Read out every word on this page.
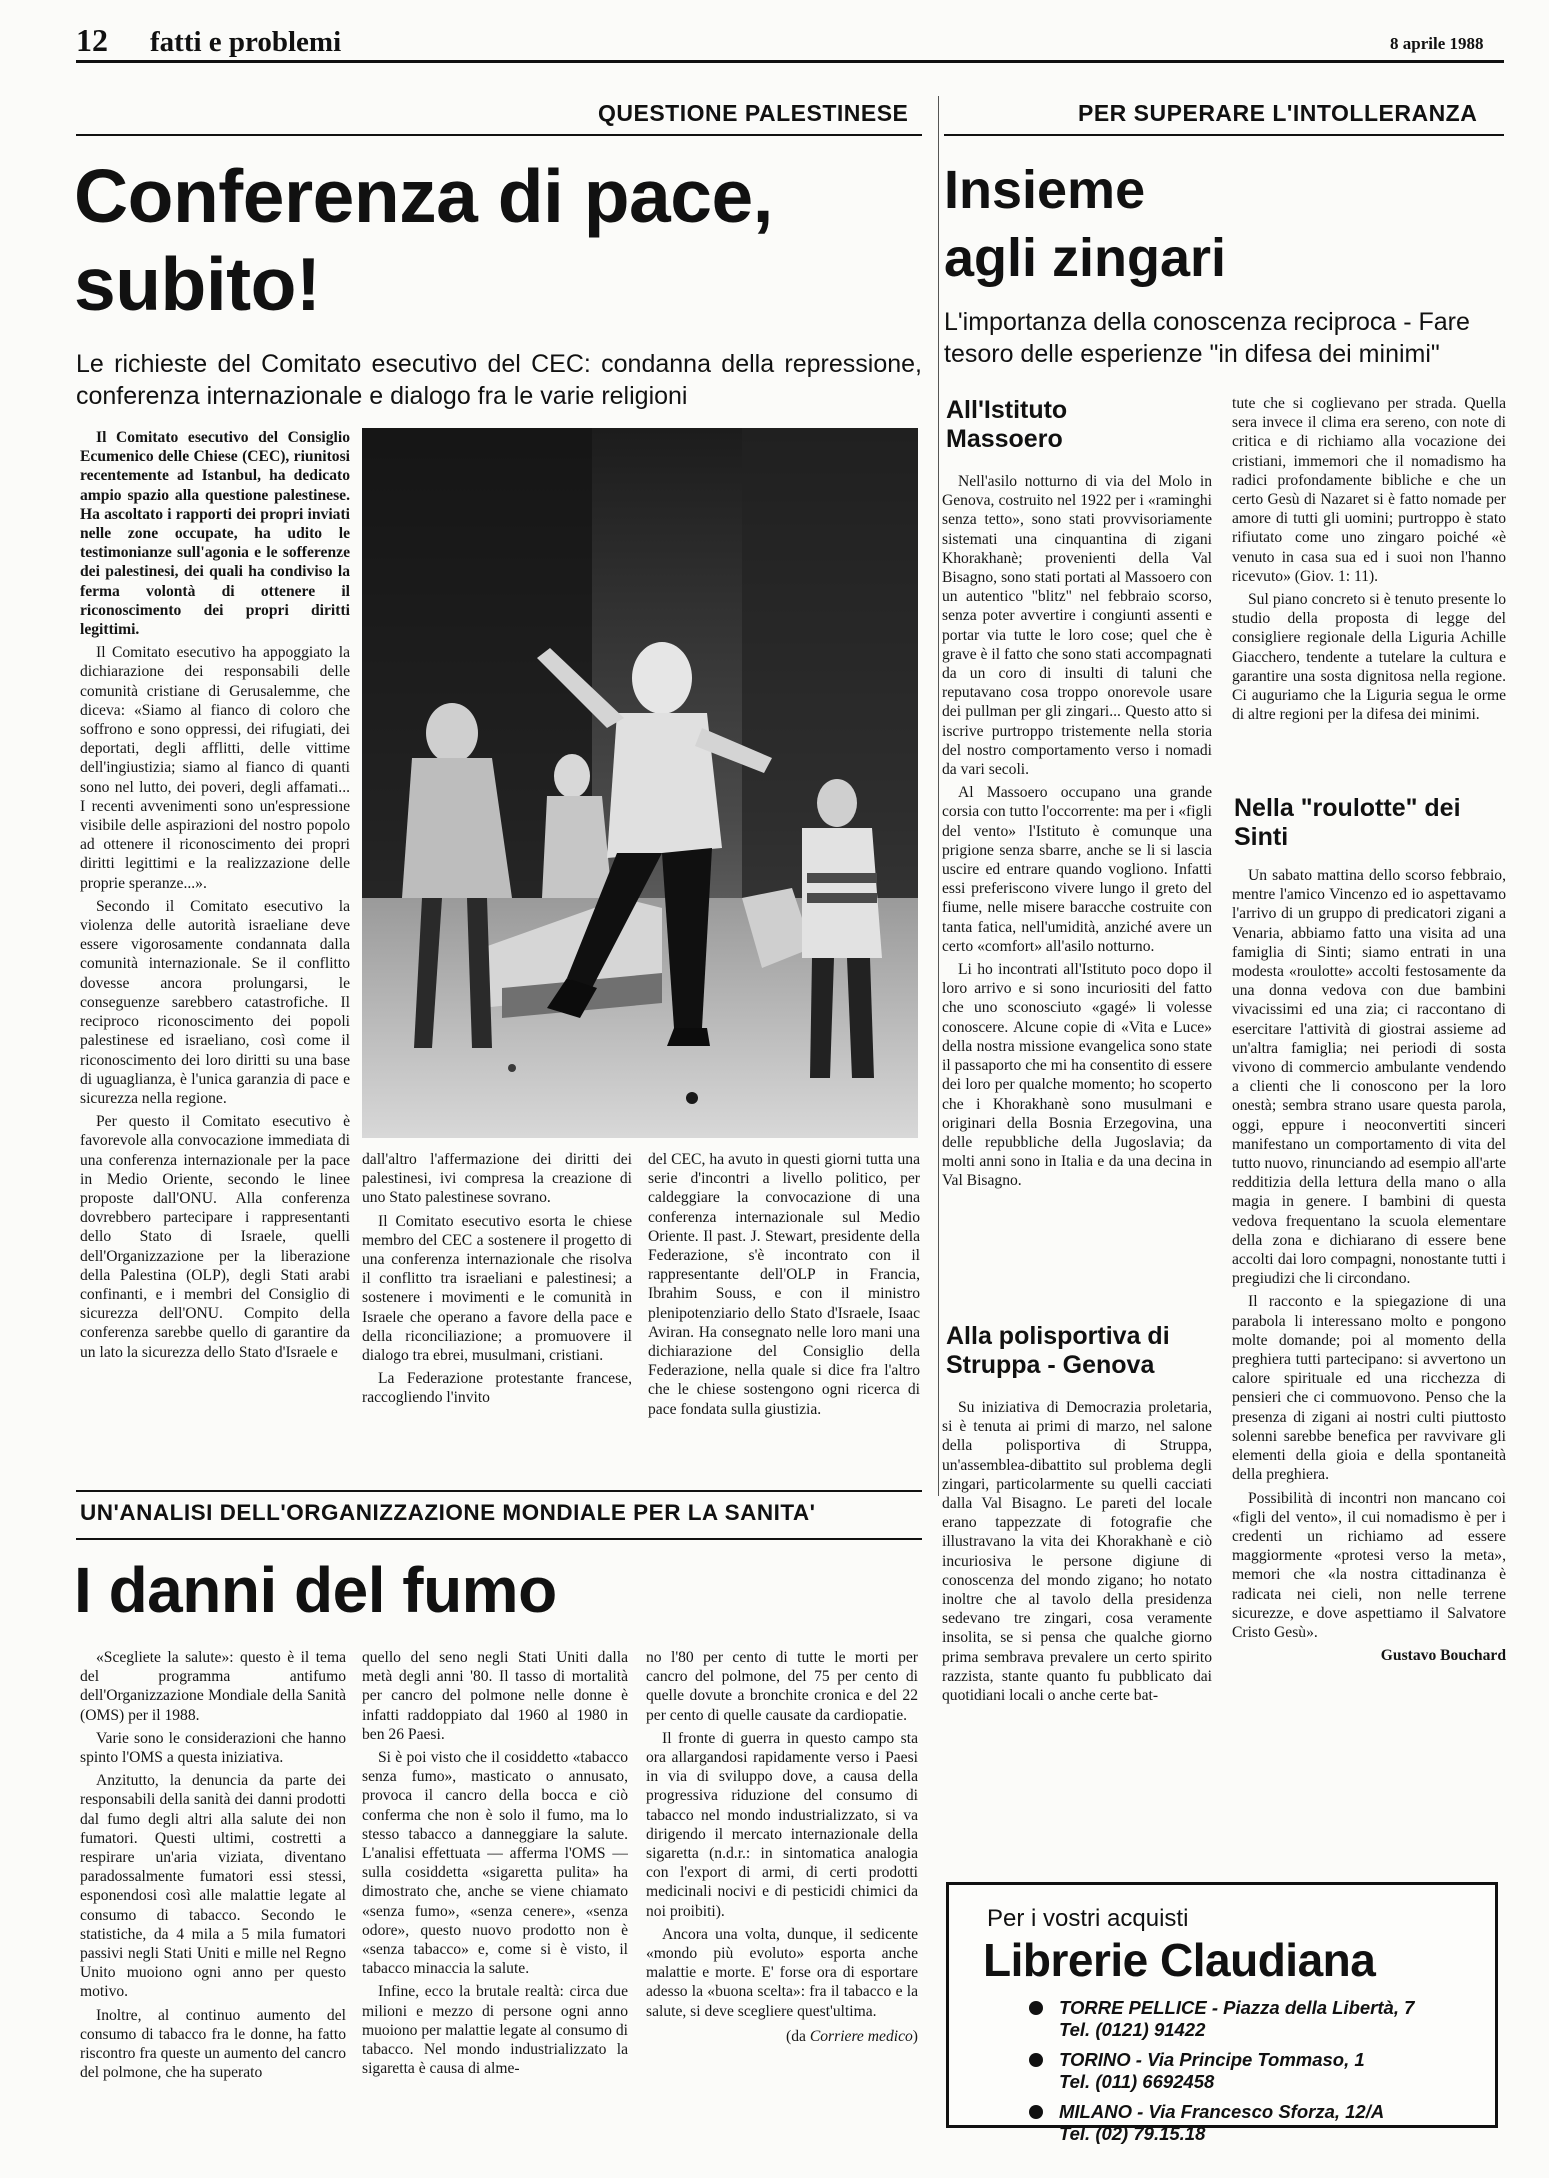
12 fatti e problemi	8 aprile 1988
QUESTIONE PALESTINESE
Conferenza di pace,
subito!
Le richieste del Comitato esecutivo del CEC: condanna della repressione, conferenza internazionale e dialogo fra le varie religioni

Il Comitato esecutivo del Consiglio Ecumenico delle Chiese (CEC), riunitosi recentemente ad Istanbul, ha dedicato ampio spazio alla questione palestinese. Ha ascoltato i rapporti dei propri inviati nelle zone occupate, ha udito le testimonianze sull'agonia e le sofferenze dei palestinesi, dei quali ha condiviso la ferma volontà di ottenere il riconoscimento dei propri diritti legittimi.

Il Comitato esecutivo ha appoggiato la dichiarazione dei responsabili delle comunità cristiane di Gerusalemme, che diceva: «Siamo al fianco di coloro che soffrono e sono oppressi, dei rifugiati, dei deportati, degli afflitti, delle vittime dell'ingiustizia; siamo al fianco di quanti sono nel lutto, dei poveri, degli affamati... I recenti avvenimenti sono un'espressione visibile delle aspirazioni del nostro popolo ad ottenere il riconoscimento dei propri diritti legittimi e la realizzazione delle proprie speranze...».

Secondo il Comitato esecutivo la violenza delle autorità israeliane deve essere vigorosamente condannata dalla comunità internazionale. Se il conflitto dovesse ancora prolungarsi, le conseguenze sarebbero catastrofiche. Il reciproco riconoscimento dei popoli palestinese ed israeliano, così come il riconoscimento dei loro diritti su una base di uguaglianza, è l'unica garanzia di pace e sicurezza nella regione.

Per questo il Comitato esecutivo è favorevole alla convocazione immediata di una conferenza internazionale per la pace in Medio Oriente, secondo le linee proposte dall'ONU. Alla conferenza dovrebbero partecipare i rappresentanti dello Stato di Israele, quelli dell'Organizzazione per la liberazione della Palestina (OLP), degli Stati arabi confinanti, e i membri del Consiglio di sicurezza dell'ONU. Compito della conferenza sarebbe quello di garantire da un lato la sicurezza dello Stato d'Israele e

dall'altro l'affermazione dei diritti dei palestinesi, ivi compresa la creazione di uno Stato palestinese sovrano.

Il Comitato esecutivo esorta le chiese membro del CEC a sostenere il progetto di una conferenza internazionale che risolva il conflitto tra israeliani e palestinesi; a sostenere i movimenti e le comunità in Israele che operano a favore della pace e della riconciliazione; a promuovere il dialogo tra ebrei, musulmani, cristiani.

La Federazione protestante francese, raccogliendo l'invito

del CEC, ha avuto in questi giorni tutta una serie d'incontri a livello politico, per caldeggiare la convocazione di una conferenza internazionale sul Medio Oriente. Il past. J. Stewart, presidente della Federazione, s'è incontrato con il rappresentante dell'OLP in Francia, Ibrahim Souss, e con il ministro plenipotenziario dello Stato d'Israele, Isaac Aviran. Ha consegnato nelle loro mani una dichiarazione del Consiglio della Federazione, nella quale si dice fra l'altro che le chiese sostengono ogni ricerca di pace fondata sulla giustizia.

UN'ANALISI DELL'ORGANIZZAZIONE MONDIALE PER LA SANITA'
I danni del fumo

«Scegliete la salute»: questo è il tema del programma antifumo dell'Organizzazione Mondiale della Sanità (OMS) per il 1988.

Varie sono le considerazioni che hanno spinto l'OMS a questa iniziativa.

Anzitutto, la denuncia da parte dei responsabili della sanità dei danni prodotti dal fumo degli altri alla salute dei non fumatori. Questi ultimi, costretti a respirare un'aria viziata, diventano paradossalmente fumatori essi stessi, esponendosi così alle malattie legate al consumo di tabacco. Secondo le statistiche, da 4 mila a 5 mila fumatori passivi negli Stati Uniti e mille nel Regno Unito muoiono ogni anno per questo motivo.

Inoltre, al continuo aumento del consumo di tabacco fra le donne, ha fatto riscontro fra queste un aumento del cancro del polmone, che ha superato

quello del seno negli Stati Uniti dalla metà degli anni '80. Il tasso di mortalità per cancro del polmone nelle donne è infatti raddoppiato dal 1960 al 1980 in ben 26 Paesi.

Si è poi visto che il cosiddetto «tabacco senza fumo», masticato o annusato, provoca il cancro della bocca e ciò conferma che non è solo il fumo, ma lo stesso tabacco a danneggiare la salute. L'analisi effettuata — afferma l'OMS — sulla cosiddetta «sigaretta pulita» ha dimostrato che, anche se viene chiamato «senza fumo», «senza cenere», «senza odore», questo nuovo prodotto non è «senza tabacco» e, come si è visto, il tabacco minaccia la salute.

Infine, ecco la brutale realtà: circa due milioni e mezzo di persone ogni anno muoiono per malattie legate al consumo di tabacco. Nel mondo industrializzato la sigaretta è causa di alme-

no l'80 per cento di tutte le morti per cancro del polmone, del 75 per cento di quelle dovute a bronchite cronica e del 22 per cento di quelle causate da cardiopatie.

Il fronte di guerra in questo campo sta ora allargandosi rapidamente verso i Paesi in via di sviluppo dove, a causa della progressiva riduzione del consumo di tabacco nel mondo industrializzato, si va dirigendo il mercato internazionale della sigaretta (n.d.r.: in sintomatica analogia con l'export di armi, di certi prodotti medicinali nocivi e di pesticidi chimici da noi proibiti).

Ancora una volta, dunque, il sedicente «mondo più evoluto» esporta anche malattie e morte. E' forse ora di esportare adesso la «buona scelta»: fra il tabacco e la salute, si deve scegliere quest'ultima.

(da Corriere medico)

PER SUPERARE L'INTOLLERANZA
Insieme
agli zingari
L'importanza della conoscenza reciproca - Fare tesoro delle esperienze "in difesa dei minimi"
All'Istituto Massoero

Nell'asilo notturno di via del Molo in Genova, costruito nel 1922 per i «raminghi senza tetto», sono stati provvisoriamente sistemati una cinquantina di zigani Khorakhanè; provenienti della Val Bisagno, sono stati portati al Massoero con un autentico "blitz" nel febbraio scorso, senza poter avvertire i congiunti assenti e portar via tutte le loro cose; quel che è grave è il fatto che sono stati accompagnati da un coro di insulti di taluni che reputavano cosa troppo onorevole usare dei pullman per gli zingari... Questo atto si iscrive purtroppo tristemente nella storia del nostro comportamento verso i nomadi da vari secoli.

Al Massoero occupano una grande corsia con tutto l'occorrente: ma per i «figli del vento» l'Istituto è comunque una prigione senza sbarre, anche se li si lascia uscire ed entrare quando vogliono. Infatti essi preferiscono vivere lungo il greto del fiume, nelle misere baracche costruite con tanta fatica, nell'umidità, anziché avere un certo «comfort» all'asilo notturno.

Li ho incontrati all'Istituto poco dopo il loro arrivo e si sono incuriositi del fatto che uno sconosciuto «gagé» li volesse conoscere. Alcune copie di «Vita e Luce» della nostra missione evangelica sono state il passaporto che mi ha consentito di essere dei loro per qualche momento; ho scoperto che i Khorakhanè sono musulmani e originari della Bosnia Erzegovina, una delle repubbliche della Jugoslavia; da molti anni sono in Italia e da una decina in Val Bisagno.

Alla polisportiva di Struppa - Genova

Su iniziativa di Democrazia proletaria, si è tenuta ai primi di marzo, nel salone della polisportiva di Struppa, un'assemblea-dibattito sul problema degli zingari, particolarmente su quelli cacciati dalla Val Bisagno. Le pareti del locale erano tappezzate di fotografie che illustravano la vita dei Khorakhanè e ciò incuriosiva le persone digiune di conoscenza del mondo zigano; ho notato inoltre che al tavolo della presidenza sedevano tre zingari, cosa veramente insolita, se si pensa che qualche giorno prima sembrava prevalere un certo spirito razzista, stante quanto fu pubblicato dai quotidiani locali o anche certe bat-

tute che si coglievano per strada. Quella sera invece il clima era sereno, con note di critica e di richiamo alla vocazione dei cristiani, immemori che il nomadismo ha radici profondamente bibliche e che un certo Gesù di Nazaret si è fatto nomade per amore di tutti gli uomini; purtroppo è stato rifiutato come uno zingaro poiché «è venuto in casa sua ed i suoi non l'hanno ricevuto» (Giov. 1: 11).

Sul piano concreto si è tenuto presente lo studio della proposta di legge del consigliere regionale della Liguria Achille Giacchero, tendente a tutelare la cultura e garantire una sosta dignitosa nella regione. Ci auguriamo che la Liguria segua le orme di altre regioni per la difesa dei minimi.

Nella "roulotte" dei Sinti

Un sabato mattina dello scorso febbraio, mentre l'amico Vincenzo ed io aspettavamo l'arrivo di un gruppo di predicatori zigani a Venaria, abbiamo fatto una visita ad una famiglia di Sinti; siamo entrati in una modesta «roulotte» accolti festosamente da una donna vedova con due bambini vivacissimi ed una zia; ci raccontano di esercitare l'attività di giostrai assieme ad un'altra famiglia; nei periodi di sosta vivono di commercio ambulante vendendo a clienti che li conoscono per la loro onestà; sembra strano usare questa parola, oggi, eppure i neoconvertiti sinceri manifestano un comportamento di vita del tutto nuovo, rinunciando ad esempio all'arte redditizia della lettura della mano o alla magia in genere. I bambini di questa vedova frequentano la scuola elementare della zona e dichiarano di essere bene accolti dai loro compagni, nonostante tutti i pregiudizi che li circondano.

Il racconto e la spiegazione di una parabola li interessano molto e pongono molte domande; poi al momento della preghiera tutti partecipano: si avvertono un calore spirituale ed una ricchezza di pensieri che ci commuovono. Penso che la presenza di zigani ai nostri culti piuttosto solenni sarebbe benefica per ravvivare gli elementi della gioia e della spontaneità della preghiera.

Possibilità di incontri non mancano coi «figli del vento», il cui nomadismo è per i credenti un richiamo ad essere maggiormente «protesi verso la meta», memori che «la nostra cittadinanza è radicata nei cieli, non nelle terrene sicurezze, e dove aspettiamo il Salvatore Cristo Gesù».

Gustavo Bouchard

Per i vostri acquisti
Librerie Claudiana
TORRE PELLICE - Piazza della Libertà, 7
Tel. (0121) 91422
TORINO - Via Principe Tommaso, 1
Tel. (011) 6692458
MILANO - Via Francesco Sforza, 12/A
Tel. (02) 79.15.18
